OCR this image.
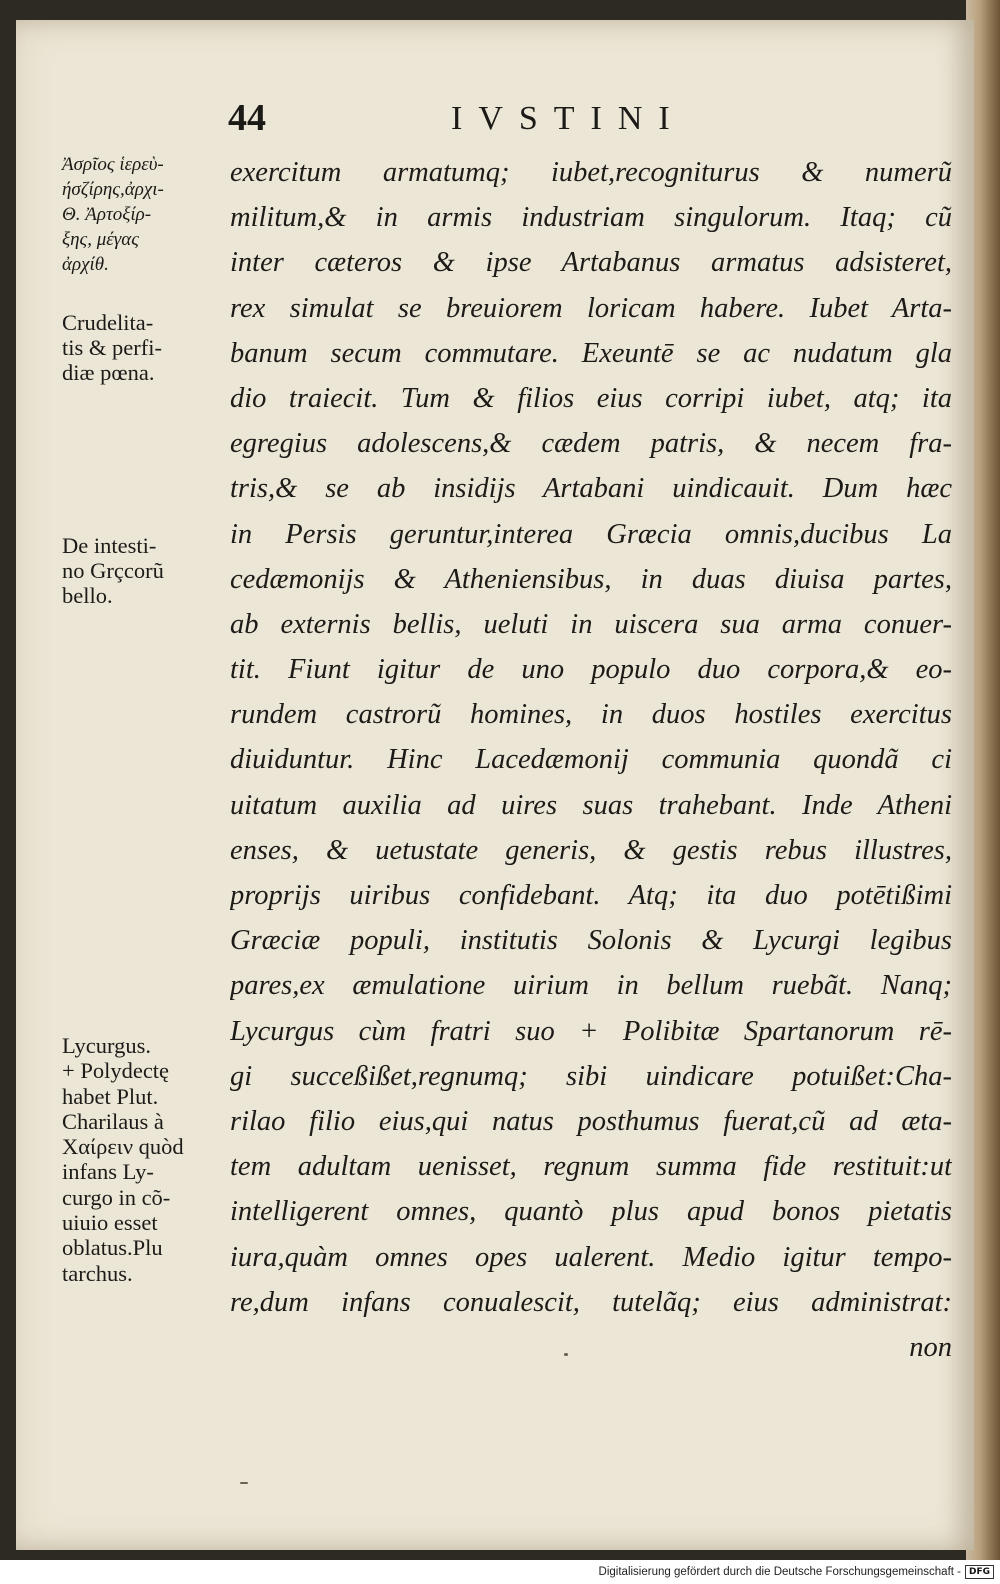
44	IVSTINI
Ἀσρῖος ἱερεὺ-
ήσζίρης,ἀρχι-
Θ. Ἀρτοξίρ-
ξης, μέγας
ἀρχίθ.
Crudelita-
tis & perfi-
diæ pœna.
De intesti-
no Grçcorũ
bello.
Lycurgus.
+ Polydectę
habet Plut.
Charilaus à
Χαίρειν quòd
infans Ly-
curgo in cõ-
uiuio esset
oblatus.Plu
tarchus.
exercitum armatumq; iubet,recogniturus & numerũ
militum,& in armis industriam singulorum. Itaq; cũ
inter cæteros & ipse Artabanus armatus adsisteret,
rex simulat se breuiorem loricam habere. Iubet Arta-
banum secum commutare. Exeuntē se ac nudatum gla
dio traiecit. Tum & filios eius corripi iubet, atq; ita
egregius adolescens,& cædem patris, & necem fra-
tris,& se ab insidijs Artabani uindicauit. Dum hæc
in Persis geruntur,interea Græcia omnis,ducibus La
cedæmonijs & Atheniensibus, in duas diuisa partes,
ab externis bellis, ueluti in uiscera sua arma conuer-
tit. Fiunt igitur de uno populo duo corpora,& eo-
rundem castrorũ homines, in duos hostiles exercitus
diuiduntur. Hinc Lacedæmonij communia quondã ci
uitatum auxilia ad uires suas trahebant. Inde Atheni
enses, & uetustate generis, & gestis rebus illustres,
proprijs uiribus confidebant. Atq; ita duo potētißimi
Græciæ populi, institutis Solonis & Lycurgi legibus
pares,ex æmulatione uirium in bellum ruebãt. Nanq;
Lycurgus cùm fratri suo + Polibitæ Spartanorum rē-
gi succeßißet,regnumq; sibi uindicare potuißet:Cha-
rilao filio eius,qui natus posthumus fuerat,cũ ad æta-
tem adultam uenisset, regnum summa fide restituit:ut
intelligerent omnes, quantò plus apud bonos pietatis
iura,quàm omnes opes ualerent. Medio igitur tempo-
re,dum infans conualescit, tutelãq; eius administrat:
non
Digitalisierung gefördert durch die Deutsche Forschungsgemeinschaft - DFG
